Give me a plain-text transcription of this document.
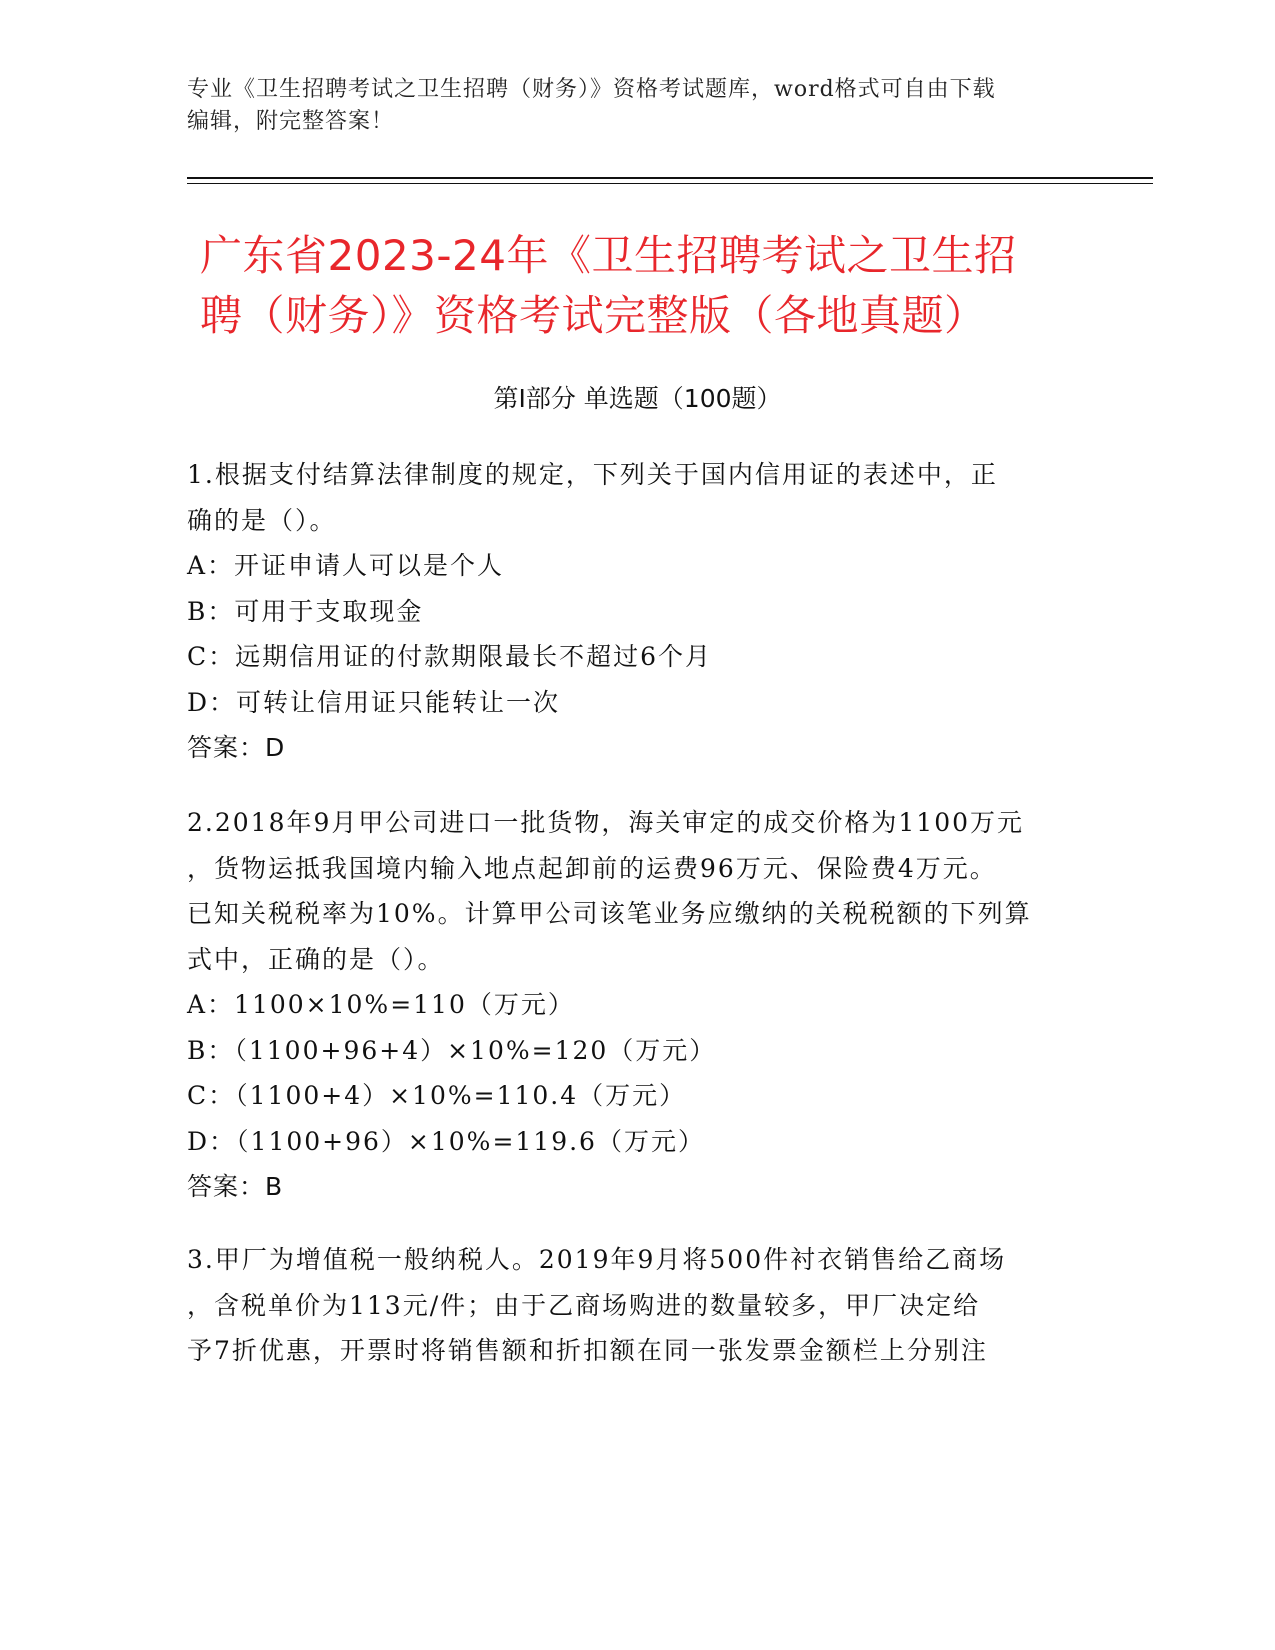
专业《卫生招聘考试之卫生招聘（财务）》资格考试题库，word格式可自由下载
编辑，附完整答案！
广东省2023-24年《卫生招聘考试之卫生招
聘（财务）》资格考试完整版（各地真题）
第Ⅰ部分 单选题（100题）
1.根据支付结算法律制度的规定，下列关于国内信用证的表述中，正
确的是（）。
A：开证申请人可以是个人
B：可用于支取现金
C：远期信用证的付款期限最长不超过6个月
D：可转让信用证只能转让一次
答案：D
2.2018年9月甲公司进口一批货物，海关审定的成交价格为1100万元
，货物运抵我国境内输入地点起卸前的运费96万元、保险费4万元。
已知关税税率为10%。计算甲公司该笔业务应缴纳的关税税额的下列算
式中，正确的是（）。
A：1100×10%=110（万元）
B：（1100+96+4）×10%=120（万元）
C：（1100+4）×10%=110.4（万元）
D：（1100+96）×10%=119.6（万元）
答案：B
3.甲厂为增值税一般纳税人。2019年9月将500件衬衣销售给乙商场
，含税单价为113元/件；由于乙商场购进的数量较多，甲厂决定给
予7折优惠，开票时将销售额和折扣额在同一张发票金额栏上分别注
